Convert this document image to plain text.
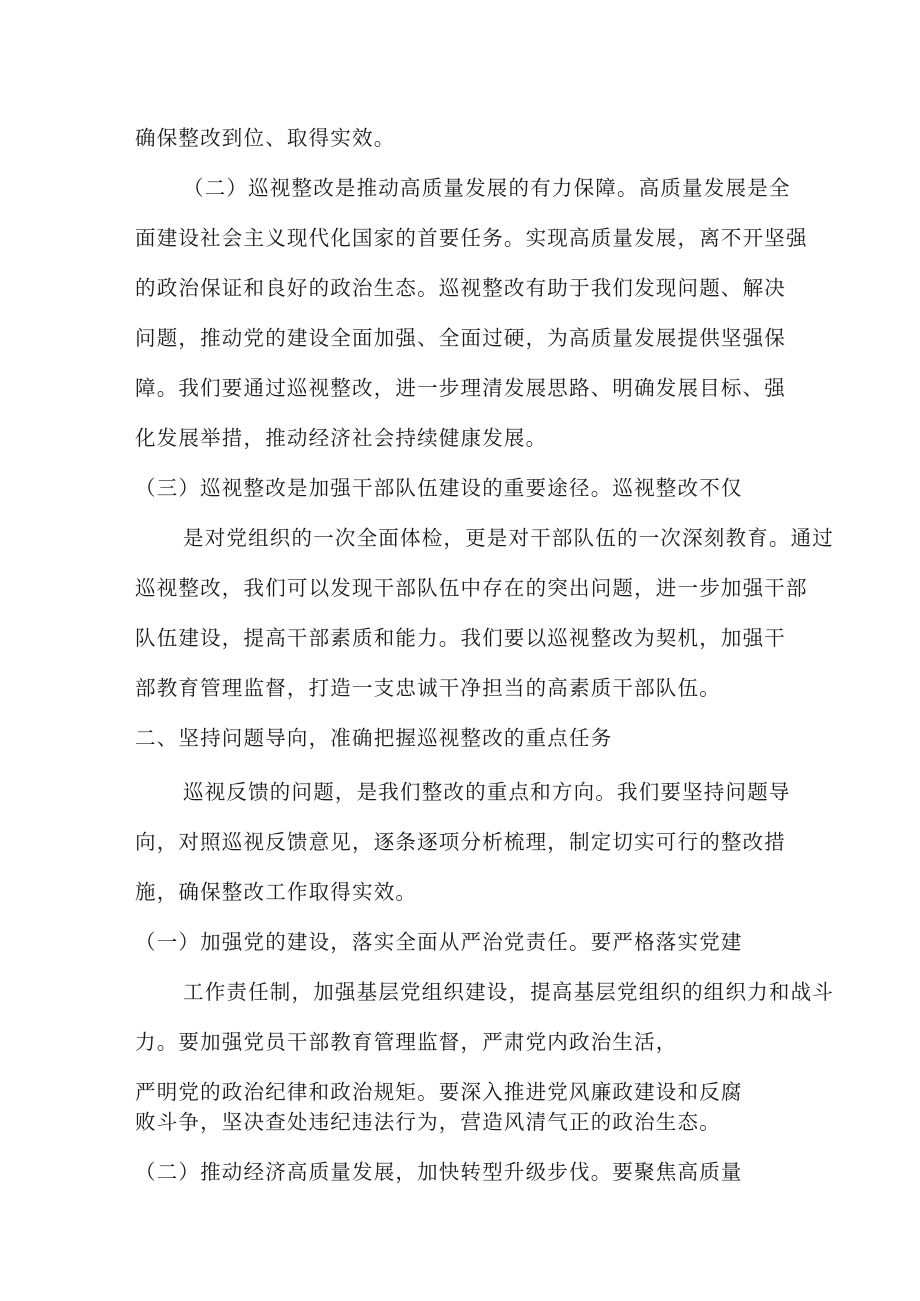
确保整改到位、取得实效。

（二）巡视整改是推动高质量发展的有力保障。高质量发展是全

面建设社会主义现代化国家的首要任务。实现高质量发展，离不开坚强

的政治保证和良好的政治生态。巡视整改有助于我们发现问题、解决

问题，推动党的建设全面加强、全面过硬，为高质量发展提供坚强保

障。我们要通过巡视整改，进一步理清发展思路、明确发展目标、强

化发展举措，推动经济社会持续健康发展。

（三）巡视整改是加强干部队伍建设的重要途径。巡视整改不仅

是对党组织的一次全面体检，更是对干部队伍的一次深刻教育。通过

巡视整改，我们可以发现干部队伍中存在的突出问题，进一步加强干部

队伍建设，提高干部素质和能力。我们要以巡视整改为契机，加强干

部教育管理监督，打造一支忠诚干净担当的高素质干部队伍。

二、坚持问题导向，准确把握巡视整改的重点任务

巡视反馈的问题，是我们整改的重点和方向。我们要坚持问题导

向，对照巡视反馈意见，逐条逐项分析梳理，制定切实可行的整改措

施，确保整改工作取得实效。

（一）加强党的建设，落实全面从严治党责任。要严格落实党建

工作责任制，加强基层党组织建设，提高基层党组织的组织力和战斗

力。要加强党员干部教育管理监督，严肃党内政治生活，

严明党的政治纪律和政治规矩。要深入推进党风廉政建设和反腐

败斗争，坚决查处违纪违法行为，营造风清气正的政治生态。

（二）推动经济高质量发展，加快转型升级步伐。要聚焦高质量
